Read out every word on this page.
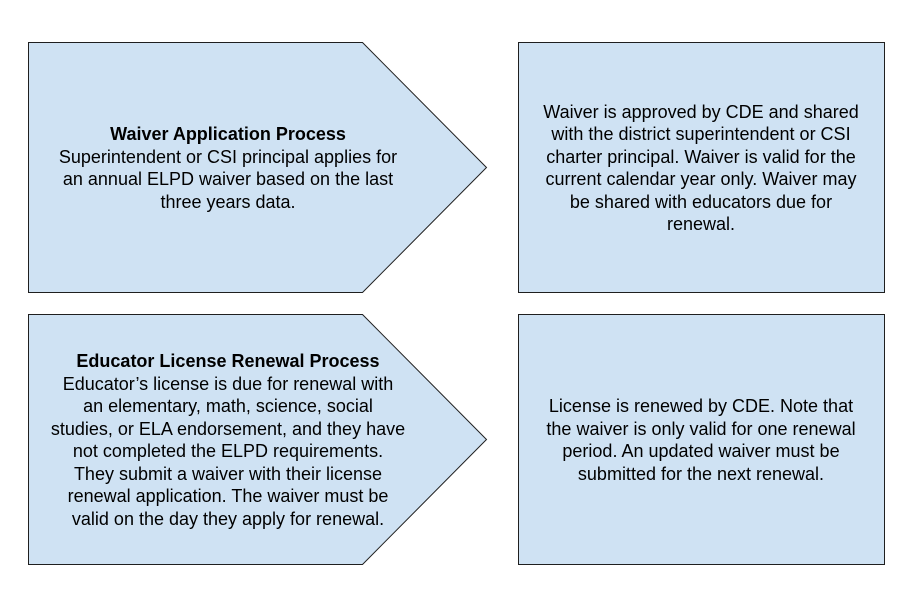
Waiver Application Process
Superintendent or CSI principal applies for
an annual ELPD waiver based on the last
three years data.
Waiver is approved by CDE and shared
with the district superintendent or CSI
charter principal. Waiver is valid for the
current calendar year only. Waiver may
be shared with educators due for
renewal.
Educator License Renewal Process
Educator’s license is due for renewal with
an elementary, math, science, social
studies, or ELA endorsement, and they have
not completed the ELPD requirements.
They submit a waiver with their license
renewal application. The waiver must be
valid on the day they apply for renewal.
License is renewed by CDE. Note that
the waiver is only valid for one renewal
period. An updated waiver must be
submitted for the next renewal.
